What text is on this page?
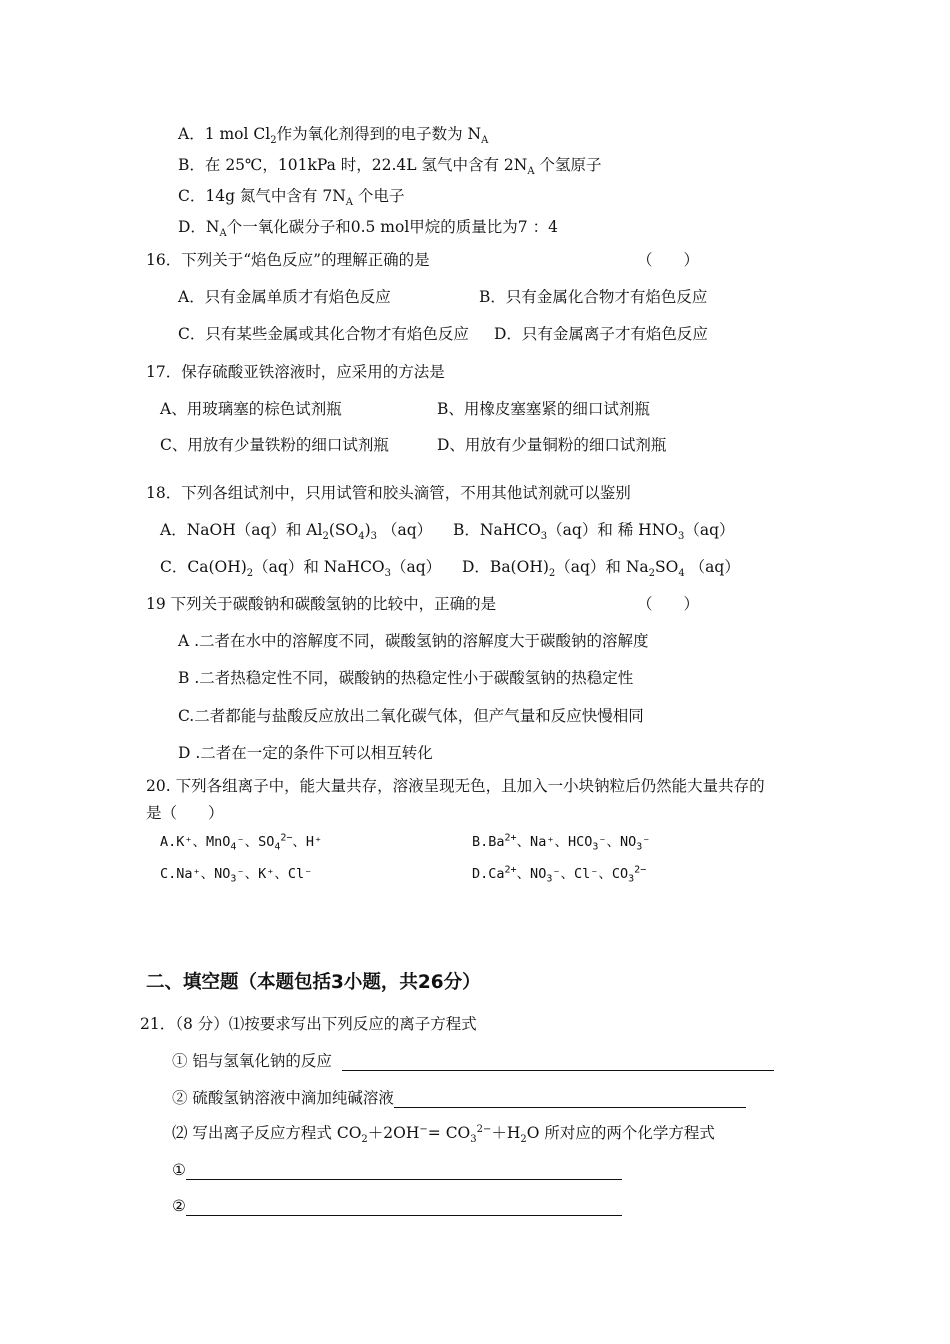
A．1 mol $Cl_2$作为氧化剂得到的电子数为 $N_A$
B．在 25℃，101kPa 时，22.4L 氢气中含有 $2N_A$ 个氢原子
C．14g 氮气中含有 $7N_A$ 个电子
D．$N_A$个一氧化碳分子和0.5 mol甲烷的质量比为7 ：4
16．下列关于“焰色反应”的理解正确的是	（　　）
A．只有金属单质才有焰色反应	B．只有金属化合物才有焰色反应
C．只有某些金属或其化合物才有焰色反应 D．只有金属离子才有焰色反应
17．保存硫酸亚铁溶液时，应采用的方法是
A、用玻璃塞的棕色试剂瓶	B、用橡皮塞塞紧的细口试剂瓶
C、用放有少量铁粉的细口试剂瓶	D、用放有少量铜粉的细口试剂瓶
18．下列各组试剂中，只用试管和胶头滴管，不用其他试剂就可以鉴别
A．NaOH（aq）和 $Al_2(SO_4)_3$ （aq） B．NaHCO$_3$（aq）和 稀 $HNO_3(aq)$
C．$Ca(OH)_2(aq)$和 NaHCO$_3$（aq） D．$Ba(OH)_2(aq)$和 $Na_2SO_4$ （aq）
19 下列关于碳酸钠和碳酸氢钠的比较中，正确的是	（　　）
A .二者在水中的溶解度不同，碳酸氢钠的溶解度大于碳酸钠的溶解度
B .二者热稳定性不同，碳酸钠的热稳定性小于碳酸氢钠的热稳定性
C.二者都能与盐酸反应放出二氧化碳气体，但产气量和反应快慢相同
D .二者在一定的条件下可以相互转化
20. 下列各组离子中，能大量共存，溶液呈现无色，且加入一小块钠粒后仍然能大量共存的
是（　　）
A.K⁺、MnO$_4$⁻、$SO_4^{2-}$、H⁺	$B.Ba^{2+}$、Na⁺、$HCO_3^-$、$NO_3^-$
C.Na⁺、$NO_3^-$、K⁺、Cl⁻	$D.Ca^{2+}$、$NO_3^-$、Cl⁻、$CO_3^{2-}$
二、填空题（本题包括3小题，共26分）
21．（8 分）⑴按要求写出下列反应的离子方程式
① 铝与氢氧化钠的反应
② 硫酸氢钠溶液中滴加纯碱溶液
⑵ 写出离子反应方程式 $CO_2+2OH^-= CO_3^{2-}+H_2O$ 所对应的两个化学方程式
①
②
